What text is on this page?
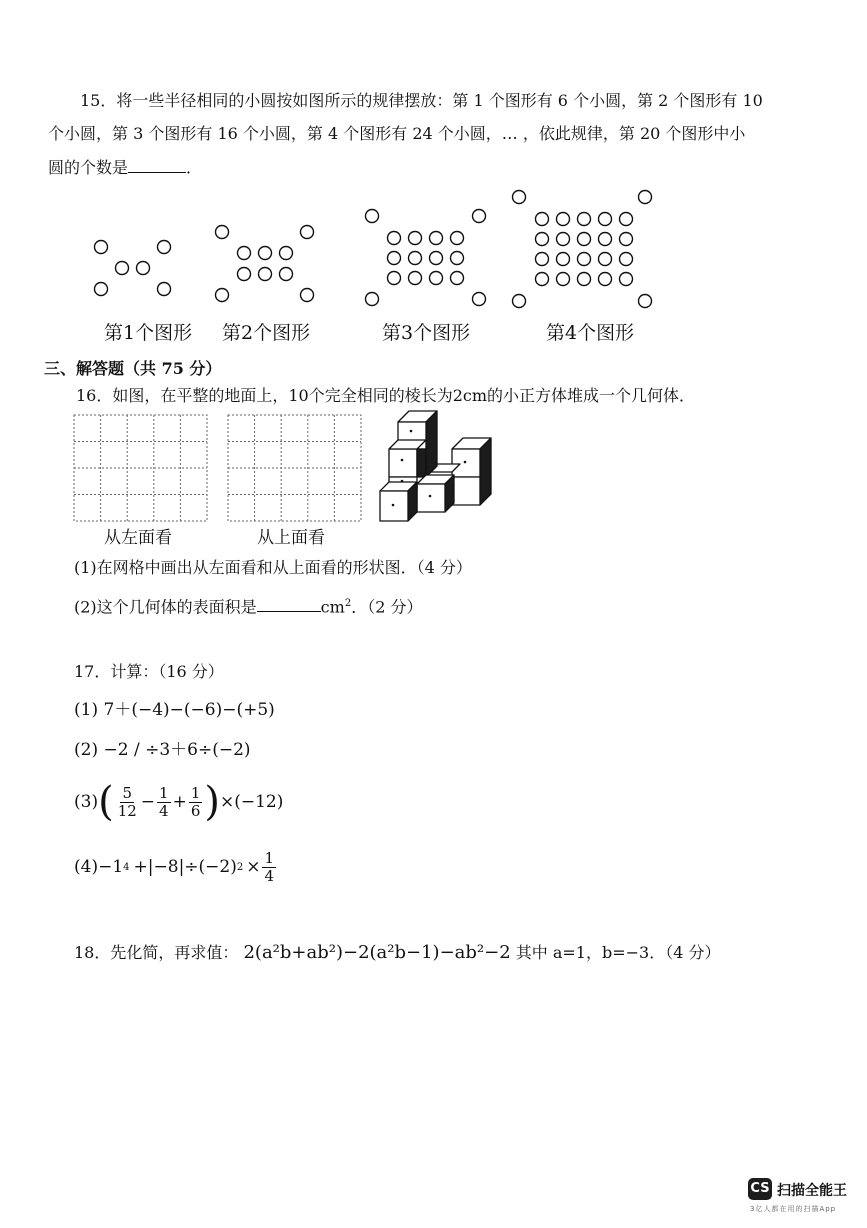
15．将一些半径相同的小圆按如图所示的规律摆放：第 1 个图形有 6 个小圆，第 2 个图形有 10
个小圆，第 3 个图形有 16 个小圆，第 4 个图形有 24 个小圆，… ，依此规律，第 20 个图形中小
圆的个数是	．
第1个图形 第2个图形	第3个图形	第4个图形
三、解答题（共 75 分）
16．如图，在平整的地面上，10个完全相同的棱长为2cm的小正方体堆成一个几何体．
从左面看	从上面看
(1)在网格中画出从左面看和从上面看的形状图．（4 分）
(2)这个几何体的表面积是	$cm^2$．（2 分）
17．计算：（16 分）
(1) 7＋(−4)−(−6)−(+5)
(2) −2 / ÷3＋6÷(−2)
(3) ( $\frac{5}{12} - \frac{1}{4} + \frac{1}{6}$ ) ×(−12)
(4) −1 4 +|−8|÷(−2) $2 \times \frac{1}{4}$
18．先化简，再求值： 2(a²b+ab²)−2(a²b−1)−ab²−2 其中 a=1，b=−3．（4 分）
CS 扫描全能王
3亿人都在用的扫描App
